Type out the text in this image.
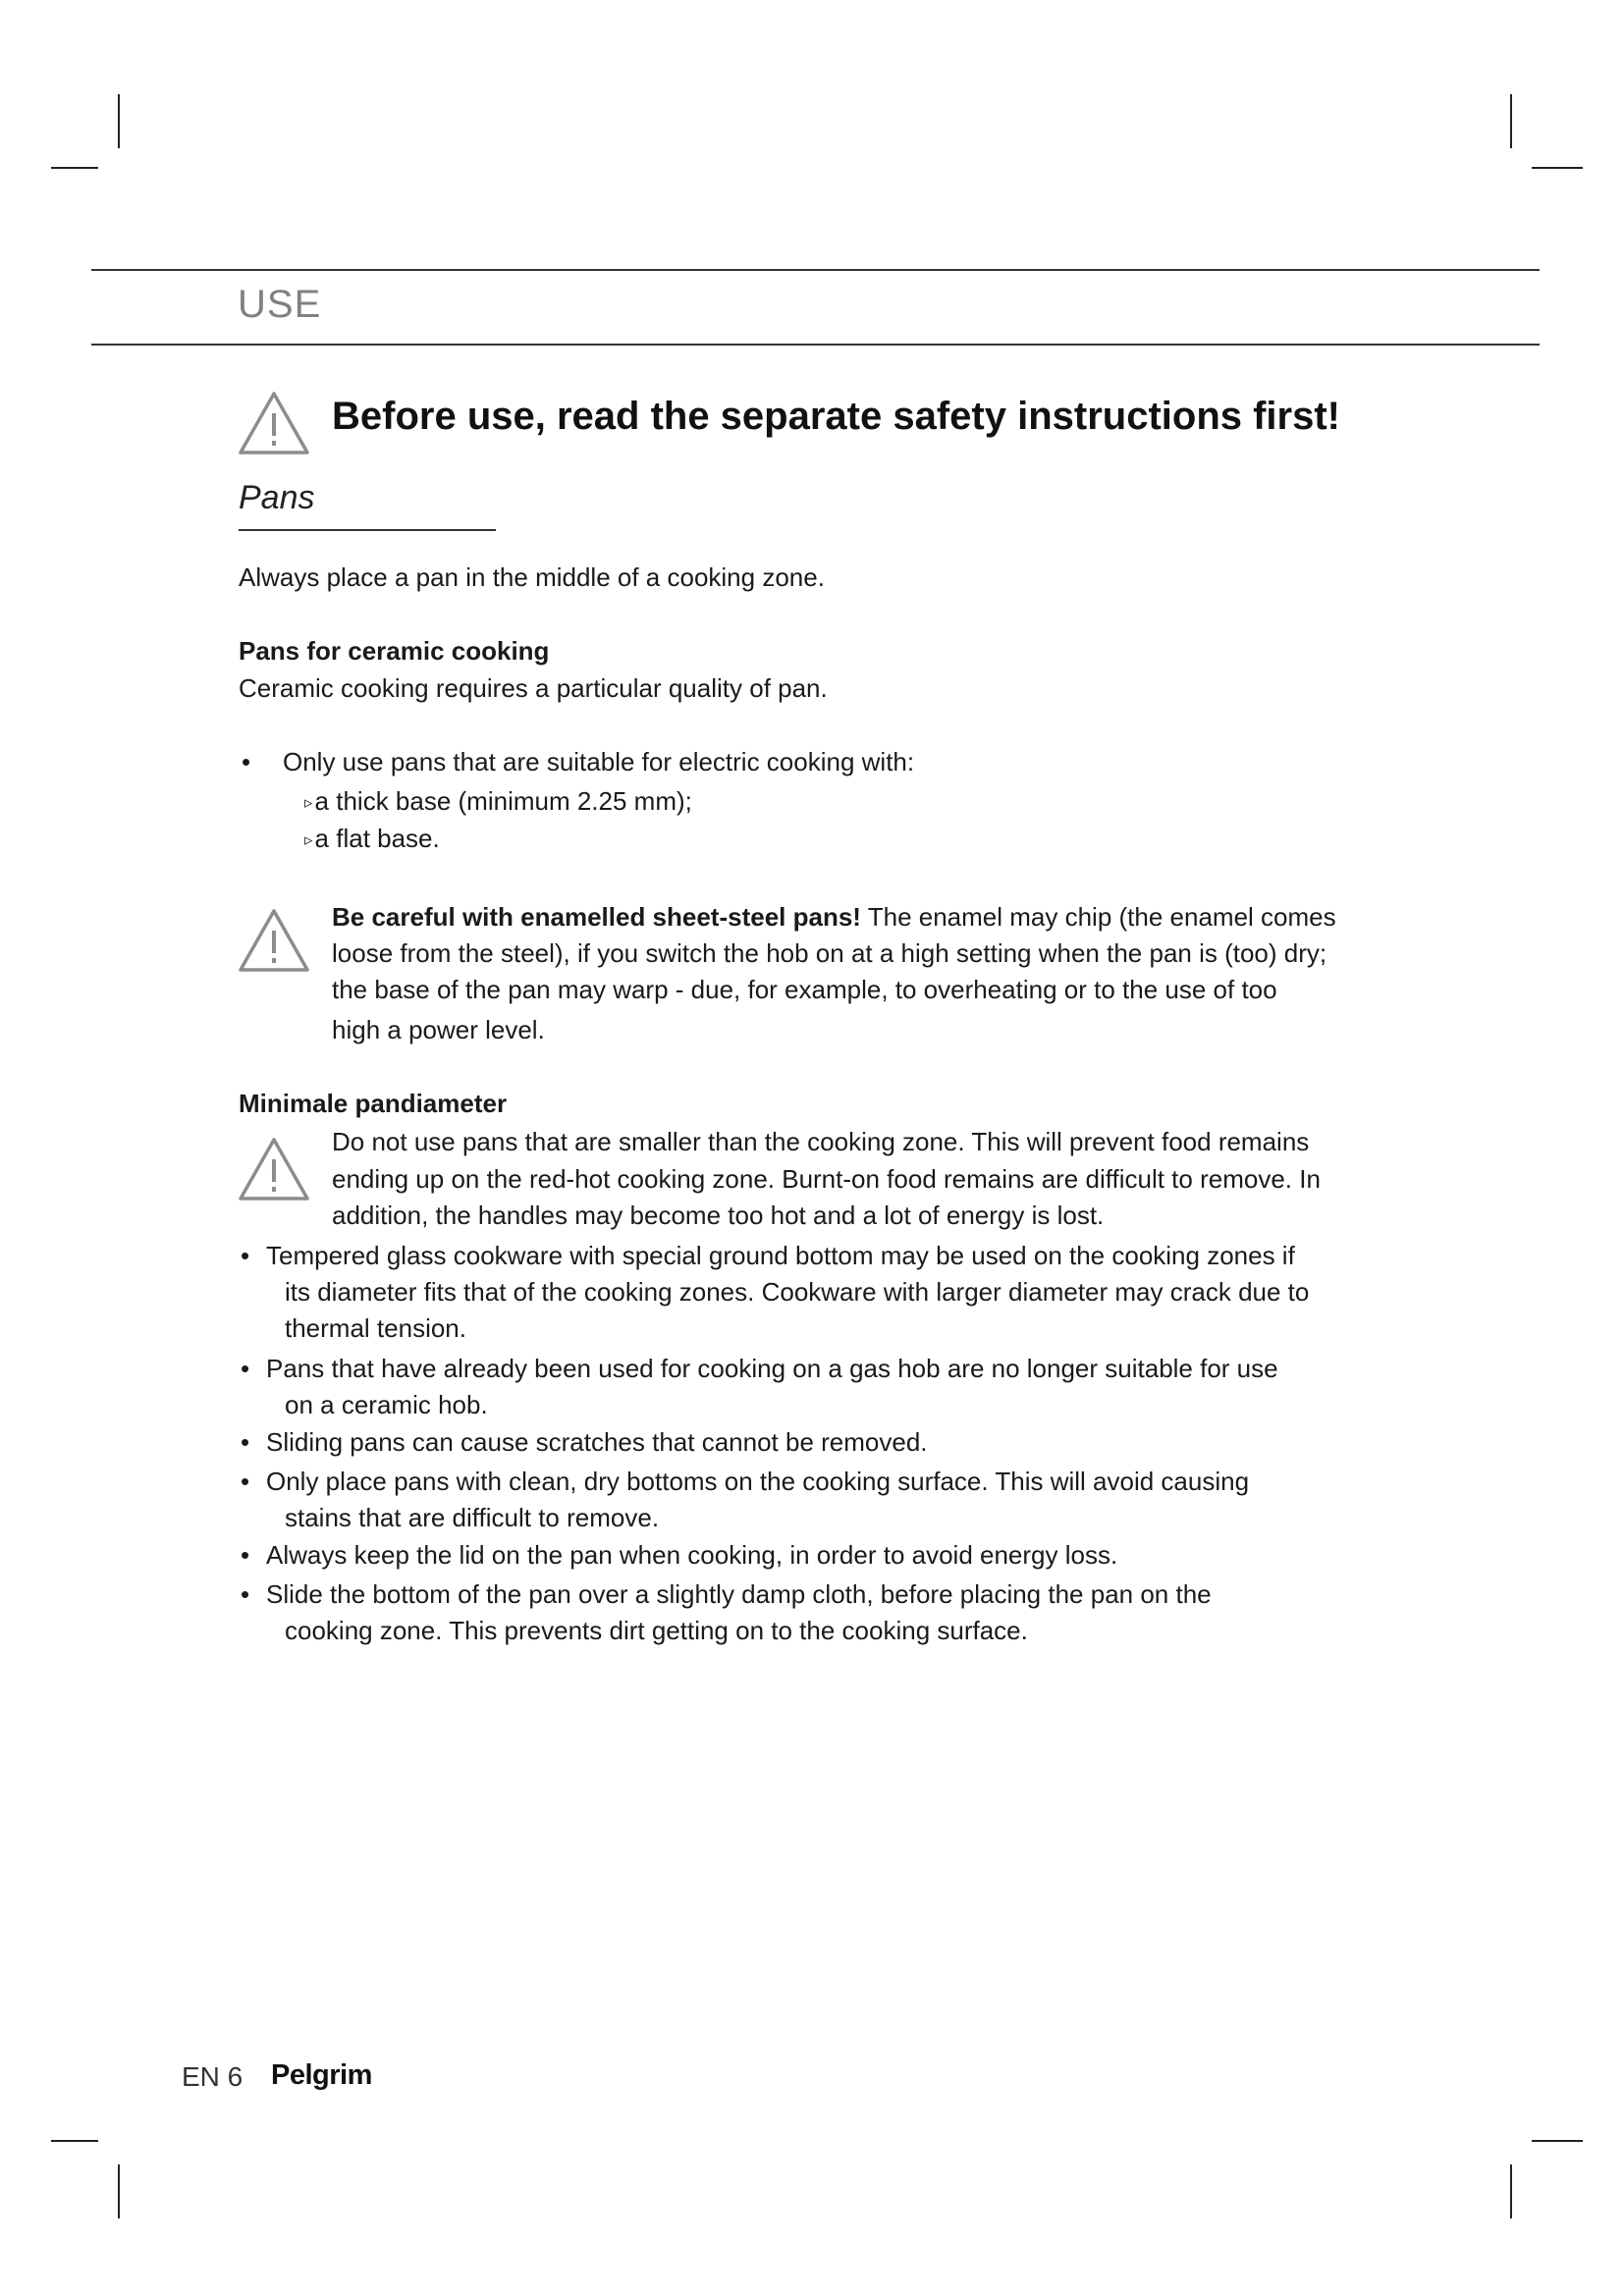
USE
Before use, read the separate safety instructions first!
Pans

Always place a pan in the middle of a cooking zone.

Pans for ceramic cooking

Ceramic cooking requires a particular quality of pan.

• Only use pans that are suitable for electric cooking with:

▹a thick base (minimum 2.25 mm);

▹a flat base.

Be careful with enamelled sheet-steel pans! The enamel may chip (the enamel comes

loose from the steel), if you switch the hob on at a high setting when the pan is (too) dry;

the base of the pan may warp - due, for example, to overheating or to the use of too

high a power level.

Minimale pandiameter

Do not use pans that are smaller than the cooking zone. This will prevent food remains

ending up on the red-hot cooking zone. Burnt-on food remains are difficult to remove. In

addition, the handles may become too hot and a lot of energy is lost.

• Tempered glass cookware with special ground bottom may be used on the cooking zones if

its diameter fits that of the cooking zones. Cookware with larger diameter may crack due to

thermal tension.

• Pans that have already been used for cooking on a gas hob are no longer suitable for use

on a ceramic hob.

• Sliding pans can cause scratches that cannot be removed.

• Only place pans with clean, dry bottoms on the cooking surface. This will avoid causing

stains that are difficult to remove.

• Always keep the lid on the pan when cooking, in order to avoid energy loss.

• Slide the bottom of the pan over a slightly damp cloth, before placing the pan on the

cooking zone. This prevents dirt getting on to the cooking surface.

EN 6 Pelgrim
